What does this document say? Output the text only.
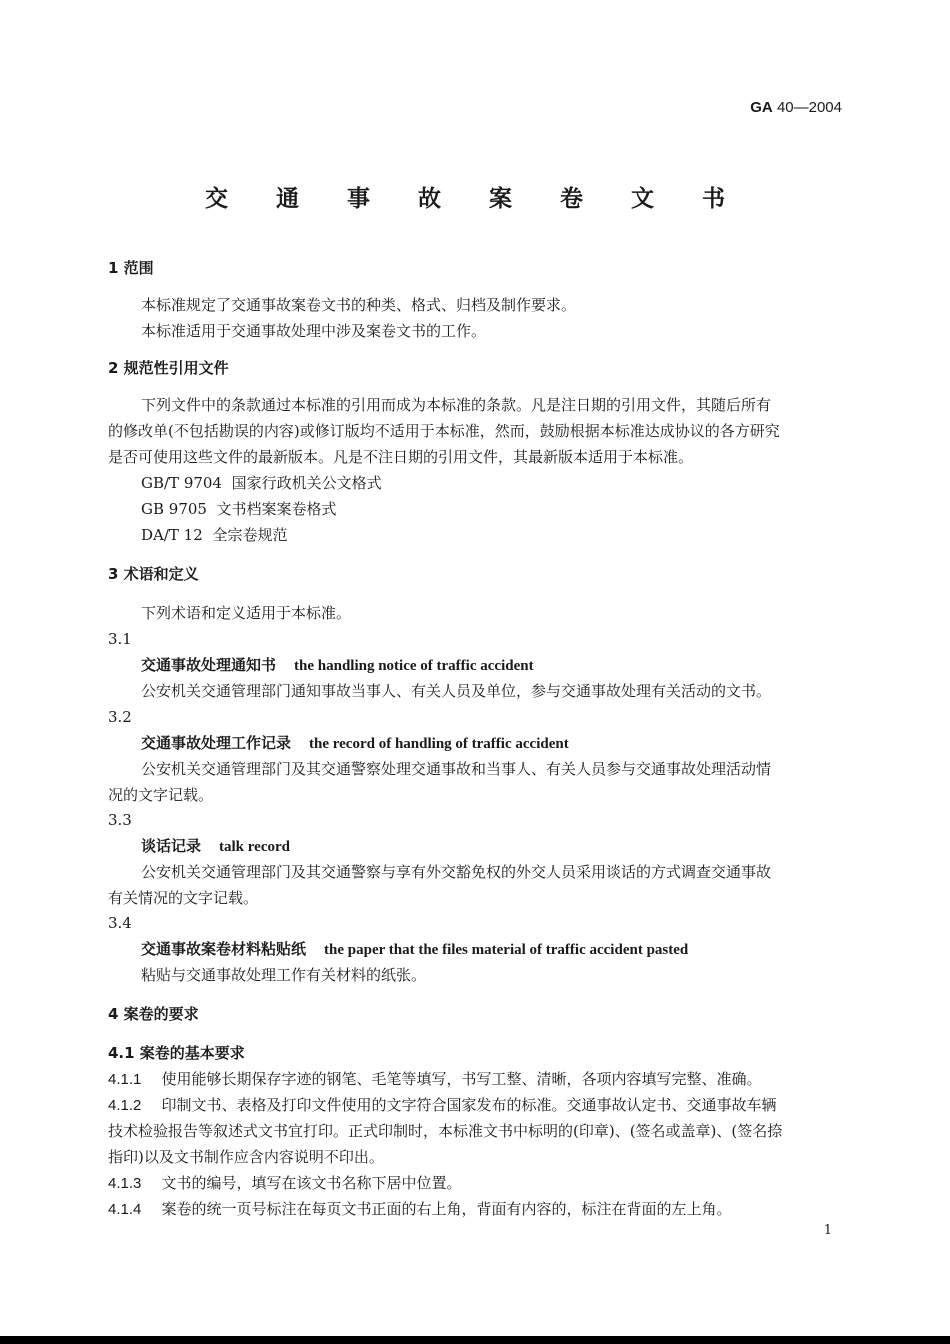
GA 40—2004
交 通 事 故 案 卷 文 书
1 范围
本标准规定了交通事故案卷文书的种类、格式、归档及制作要求。
本标准适用于交通事故处理中涉及案卷文书的工作。
2 规范性引用文件
下列文件中的条款通过本标准的引用而成为本标准的条款。凡是注日期的引用文件，其随后所有
的修改单(不包括勘误的内容)或修订版均不适用于本标准，然而，鼓励根据本标准达成协议的各方研究
是否可使用这些文件的最新版本。凡是不注日期的引用文件，其最新版本适用于本标准。
GB/T 9704 国家行政机关公文格式
GB 9705 文书档案案卷格式
DA/T 12 全宗卷规范
3 术语和定义
下列术语和定义适用于本标准。
3.1
交通事故处理通知书 the handling notice of traffic accident
公安机关交通管理部门通知事故当事人、有关人员及单位，参与交通事故处理有关活动的文书。
3.2
交通事故处理工作记录 the record of handling of traffic accident
公安机关交通管理部门及其交通警察处理交通事故和当事人、有关人员参与交通事故处理活动情
况的文字记载。
3.3
谈话记录 talk record
公安机关交通管理部门及其交通警察与享有外交豁免权的外交人员采用谈话的方式调查交通事故
有关情况的文字记载。
3.4
交通事故案卷材料粘贴纸 the paper that the files material of traffic accident pasted
粘贴与交通事故处理工作有关材料的纸张。
4 案卷的要求
4.1 案卷的基本要求
4.1.1 使用能够长期保存字迹的钢笔、毛笔等填写，书写工整、清晰，各项内容填写完整、准确。
4.1.2 印制文书、表格及打印文件使用的文字符合国家发布的标准。交通事故认定书、交通事故车辆
技术检验报告等叙述式文书宜打印。正式印制时，本标准文书中标明的(印章)、(签名或盖章)、(签名捺
指印)以及文书制作应含内容说明不印出。
4.1.3 文书的编号，填写在该文书名称下居中位置。
4.1.4 案卷的统一页号标注在每页文书正面的右上角，背面有内容的，标注在背面的左上角。
1
